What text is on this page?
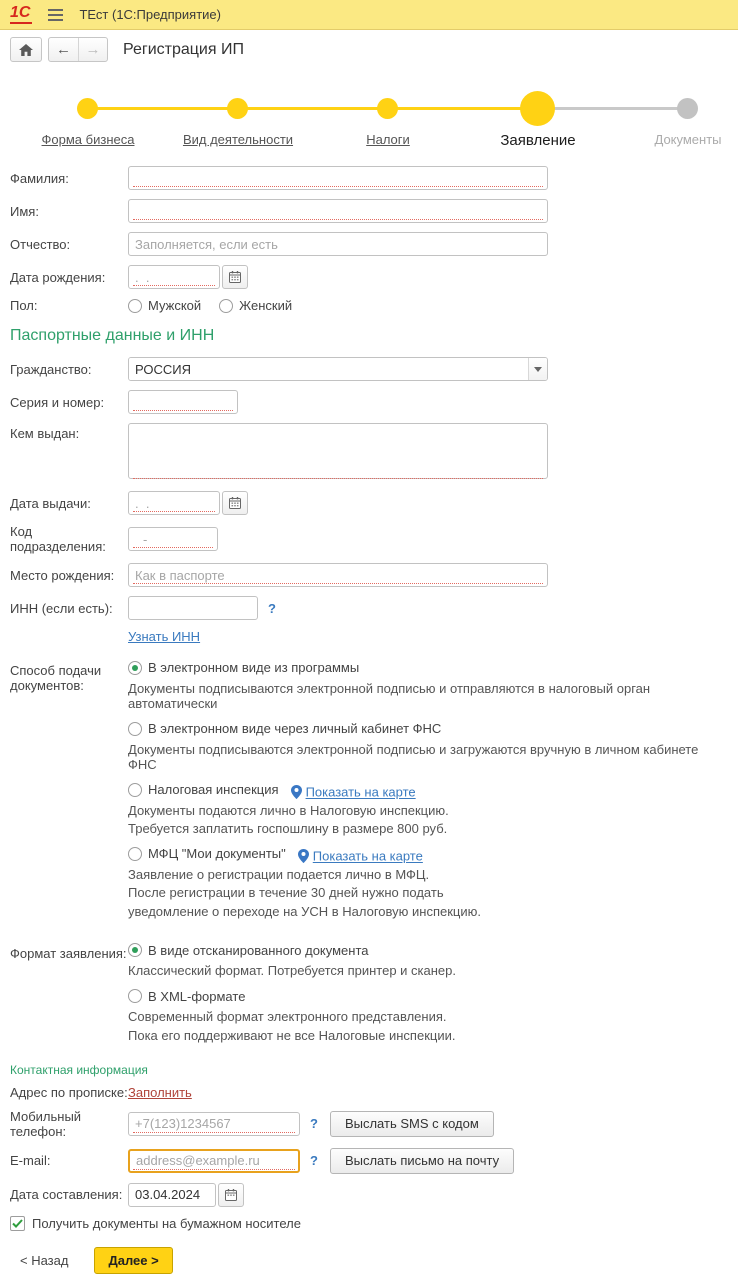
1С	ТЕст (1С:Предприятие)
← →	Регистрация ИП
Форма бизнеса	Вид деятельности	Налоги	Заявление	Документы
Фамилия:
Имя:
Отчество:
Заполняется, если есть
Дата рождения:
. .
Пол:	Мужской	Женский
Паспортные данные и ИНН
Гражданство:
РОССИЯ
Серия и номер:
Кем выдан:
Дата выдачи:
. .
Код подразделения:
-
Место рождения:
Как в паспорте
ИНН (если есть):	?
Узнать ИНН
Способ подачи документов:
В электронном виде из программы
Документы подписываются электронной подписью и отправляются в налоговый орган автоматически
В электронном виде через личный кабинет ФНС
Документы подписываются электронной подписью и загружаются вручную в личном кабинете ФНС
Налоговая инспекция Показать на карте
Документы подаются лично в Налоговую инспекцию.
Требуется заплатить госпошлину в размере 800 руб.
МФЦ "Мои документы" Показать на карте
Заявление о регистрации подается лично в МФЦ.
После регистрации в течение 30 дней нужно подать
уведомление о переходе на УСН в Налоговую инспекцию.
Формат заявления: В виде отсканированного документа
Классический формат. Потребуется принтер и сканер.
В XML-формате
Современный формат электронного представления.
Пока его поддерживают не все Налоговые инспекции.
Контактная информация
Адрес по прописке: Заполнить
Мобильный телефон:
+7(123)1234567	?	Выслать SMS с кодом
E-mail:
address@example.ru	?	Выслать письмо на почту
Дата составления:
03.04.2024
Получить документы на бумажном носителе
< Назад	Далее >
